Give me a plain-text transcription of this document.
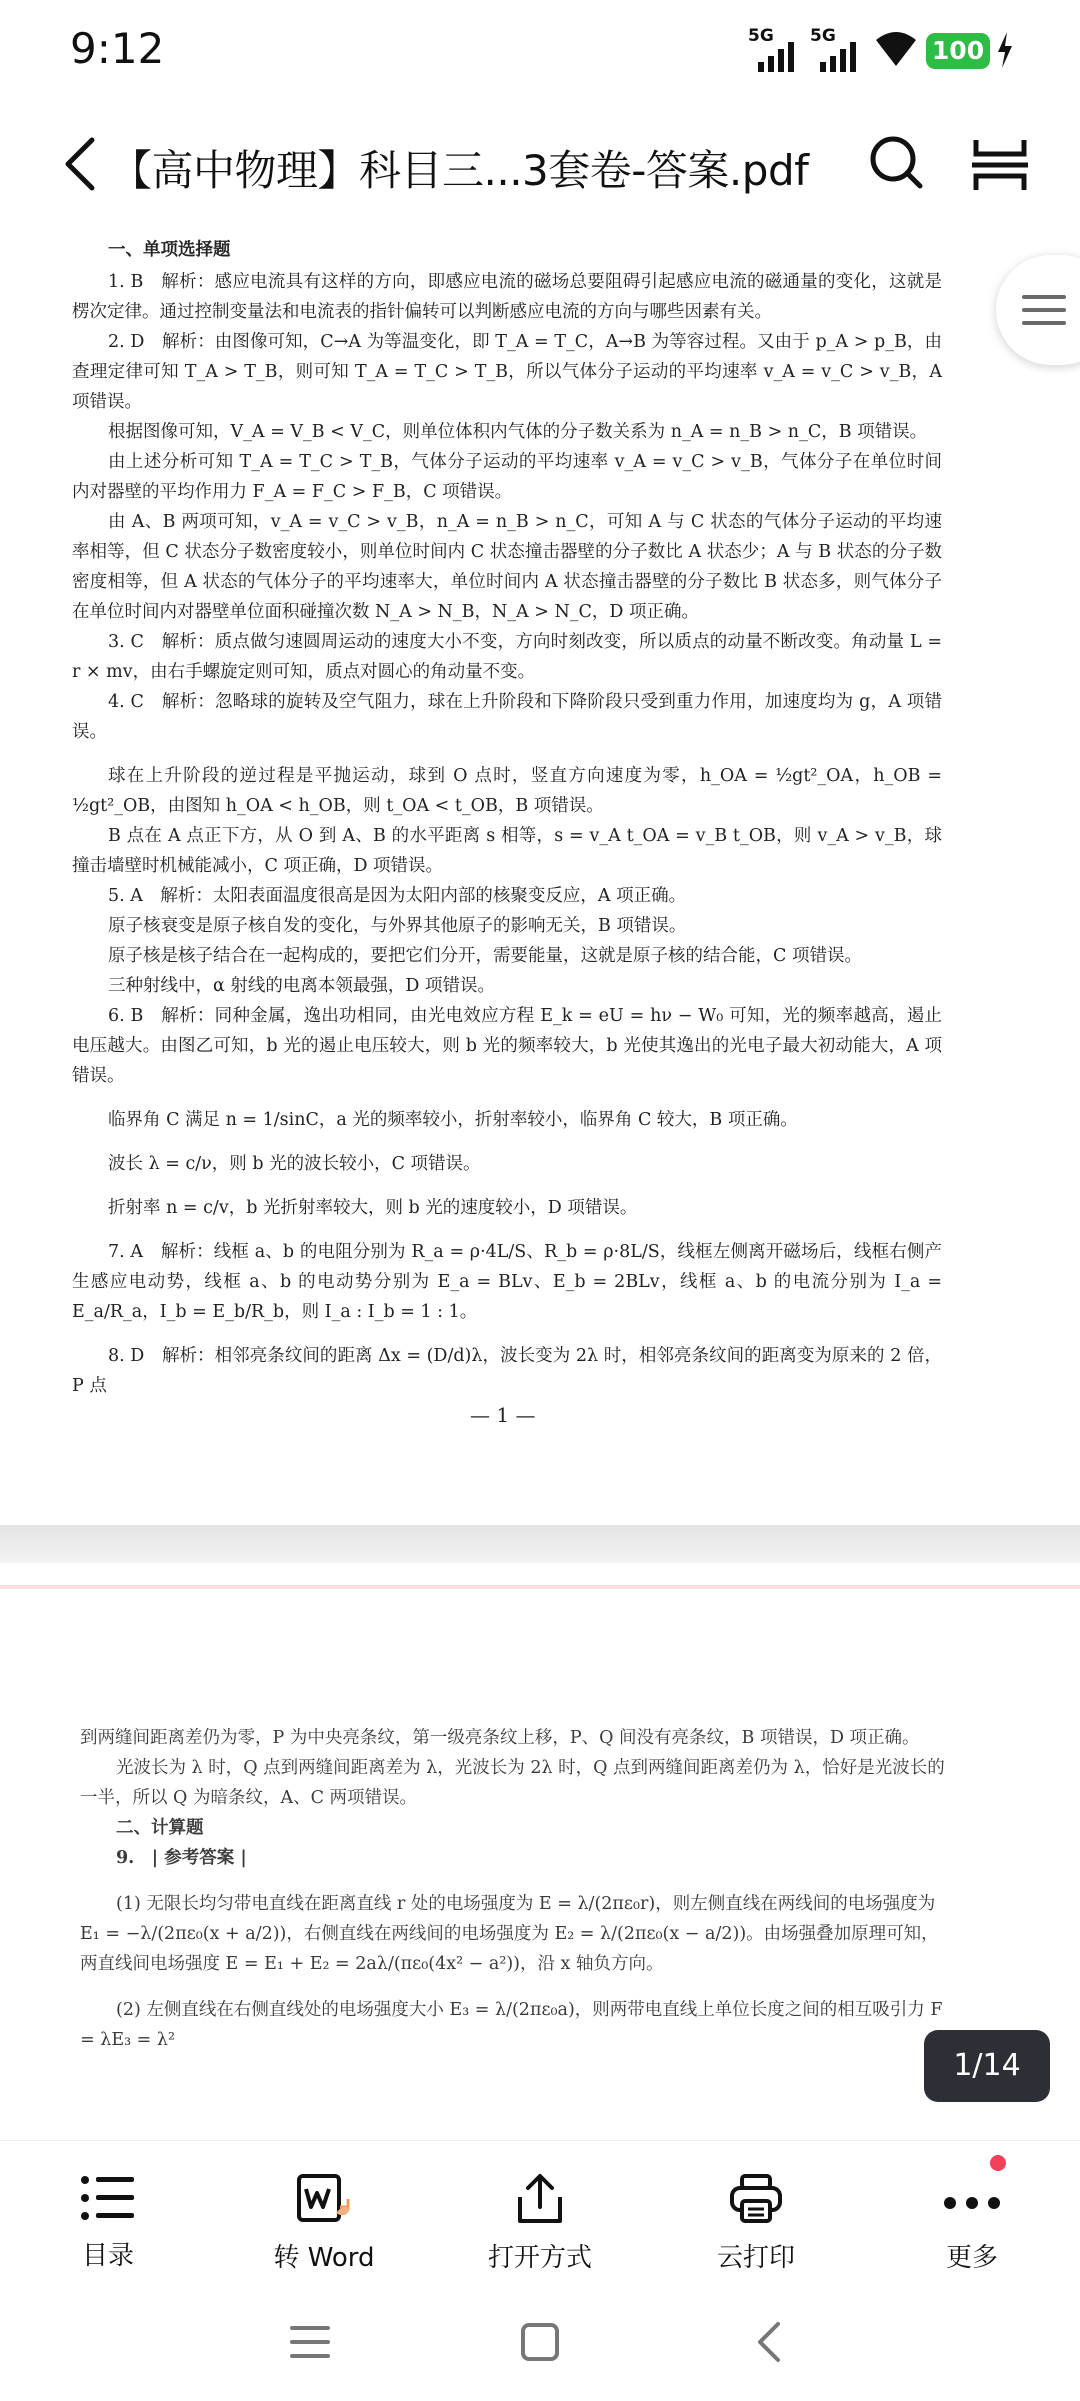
9:12	5G 5G	100
【高中物理】科目三...3套卷-答案.pdf

一、单项选择题

1. B　解析：感应电流具有这样的方向，即感应电流的磁场总要阻碍引起感应电流的磁通量的变化，这就是楞次定律。通过控制变量法和电流表的指针偏转可以判断感应电流的方向与哪些因素有关。

2. D　解析：由图像可知，C→A 为等温变化，即 T_A = T_C，A→B 为等容过程。又由于 p_A > p_B，由查理定律可知 T_A > T_B，则可知 T_A = T_C > T_B，所以气体分子运动的平均速率 v_A = v_C > v_B，A 项错误。

根据图像可知，V_A = V_B < V_C，则单位体积内气体的分子数关系为 n_A = n_B > n_C，B 项错误。

由上述分析可知 T_A = T_C > T_B，气体分子运动的平均速率 v_A = v_C > v_B，气体分子在单位时间内对器壁的平均作用力 F_A = F_C > F_B，C 项错误。

由 A、B 两项可知，v_A = v_C > v_B，n_A = n_B > n_C，可知 A 与 C 状态的气体分子运动的平均速率相等，但 C 状态分子数密度较小，则单位时间内 C 状态撞击器壁的分子数比 A 状态少；A 与 B 状态的分子数密度相等，但 A 状态的气体分子的平均速率大，单位时间内 A 状态撞击器壁的分子数比 B 状态多，则气体分子在单位时间内对器壁单位面积碰撞次数 N_A > N_B，N_A > N_C，D 项正确。

3. C　解析：质点做匀速圆周运动的速度大小不变，方向时刻改变，所以质点的动量不断改变。角动量 L = r × mv，由右手螺旋定则可知，质点对圆心的角动量不变。

4. C　解析：忽略球的旋转及空气阻力，球在上升阶段和下降阶段只受到重力作用，加速度均为 g，A 项错误。

球在上升阶段的逆过程是平抛运动，球到 O 点时，竖直方向速度为零，h_OA = ½gt²_OA，h_OB = ½gt²_OB，由图知 h_OA < h_OB，则 t_OA < t_OB，B 项错误。

B 点在 A 点正下方，从 O 到 A、B 的水平距离 s 相等，s = v_A t_OA = v_B t_OB，则 v_A > v_B，球撞击墙壁时机械能减小，C 项正确，D 项错误。

5. A　解析：太阳表面温度很高是因为太阳内部的核聚变反应，A 项正确。

原子核衰变是原子核自发的变化，与外界其他原子的影响无关，B 项错误。

原子核是核子结合在一起构成的，要把它们分开，需要能量，这就是原子核的结合能，C 项错误。

三种射线中，α 射线的电离本领最强，D 项错误。

6. B　解析：同种金属，逸出功相同，由光电效应方程 E_k = eU = hν − W₀ 可知，光的频率越高，遏止电压越大。由图乙可知，b 光的遏止电压较大，则 b 光的频率较大，b 光使其逸出的光电子最大初动能大，A 项错误。

临界角 C 满足 n = 1/sinC，a 光的频率较小，折射率较小，临界角 C 较大，B 项正确。

波长 λ = c/ν，则 b 光的波长较小，C 项错误。

折射率 n = c/v，b 光折射率较大，则 b 光的速度较小，D 项错误。

7. A　解析：线框 a、b 的电阻分别为 R_a = ρ·4L/S、R_b = ρ·8L/S，线框左侧离开磁场后，线框右侧产生感应电动势，线框 a、b 的电动势分别为 E_a = BLv、E_b = 2BLv，线框 a、b 的电流分别为 I_a = E_a/R_a，I_b = E_b/R_b，则 I_a : I_b = 1 : 1。

8. D　解析：相邻亮条纹间的距离 Δx = (D/d)λ，波长变为 2λ 时，相邻亮条纹间的距离变为原来的 2 倍，P 点

— 1 —

到两缝间距离差仍为零，P 为中央亮条纹，第一级亮条纹上移，P、Q 间没有亮条纹，B 项错误，D 项正确。

光波长为 λ 时，Q 点到两缝间距离差为 λ，光波长为 2λ 时，Q 点到两缝间距离差仍为 λ，恰好是光波长的一半，所以 Q 为暗条纹，A、C 两项错误。

二、计算题

9.　| 参考答案 |

(1) 无限长均匀带电直线在距离直线 r 处的电场强度为 E = λ/(2πε₀r)，则左侧直线在两线间的电场强度为 E₁ = −λ/(2πε₀(x + a/2))，右侧直线在两线间的电场强度为 E₂ = λ/(2πε₀(x − a/2))。由场强叠加原理可知，两直线间电场强度 E = E₁ + E₂ = 2aλ/(πε₀(4x² − a²))，沿 x 轴负方向。

(2) 左侧直线在右侧直线处的电场强度大小 E₃ = λ/(2πε₀a)，则两带电直线上单位长度之间的相互吸引力 F = λE₃ = λ²

1/14
目录	转 Word	打开方式	云打印	更多
